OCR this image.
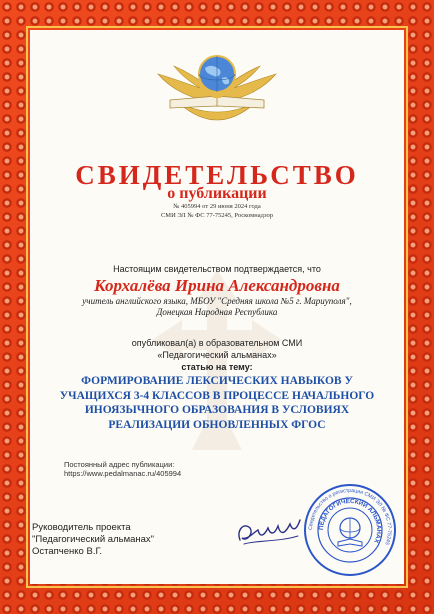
СВИДЕТЕЛЬСТВО
о публикации
№ 405994 от 29 июня 2024 года
СМИ ЭЛ № ФС 77-75245, Роскомнадзор
Настоящим свидетельством подтверждается, что
Корхалёва Ирина Александровна
учитель английского языка, МБОУ "Средняя школа №5 г. Мариуполя",
Донецкая Народная Республика
опубликовал(а) в образовательном СМИ
«Педагогический альманах»
статью на тему:
ФОРМИРОВАНИЕ ЛЕКСИЧЕСКИХ НАВЫКОВ У УЧАЩИХСЯ 3-4 КЛАССОВ В ПРОЦЕССЕ НАЧАЛЬНОГО ИНОЯЗЫЧНОГО ОБРАЗОВАНИЯ В УСЛОВИЯХ РЕАЛИЗАЦИИ ОБНОВЛЕННЫХ ФГОС
Постоянный адрес публикации:
https://www.pedalmanac.ru/405994
Руководитель проекта
"Педагогический альманах"
Остапченко В.Г.
Свидетельство о регистрации СМИ ЭЛ № ФС 77-75245
ПЕДАГОГИЧЕСКИЙ АЛЬМАНАХ
